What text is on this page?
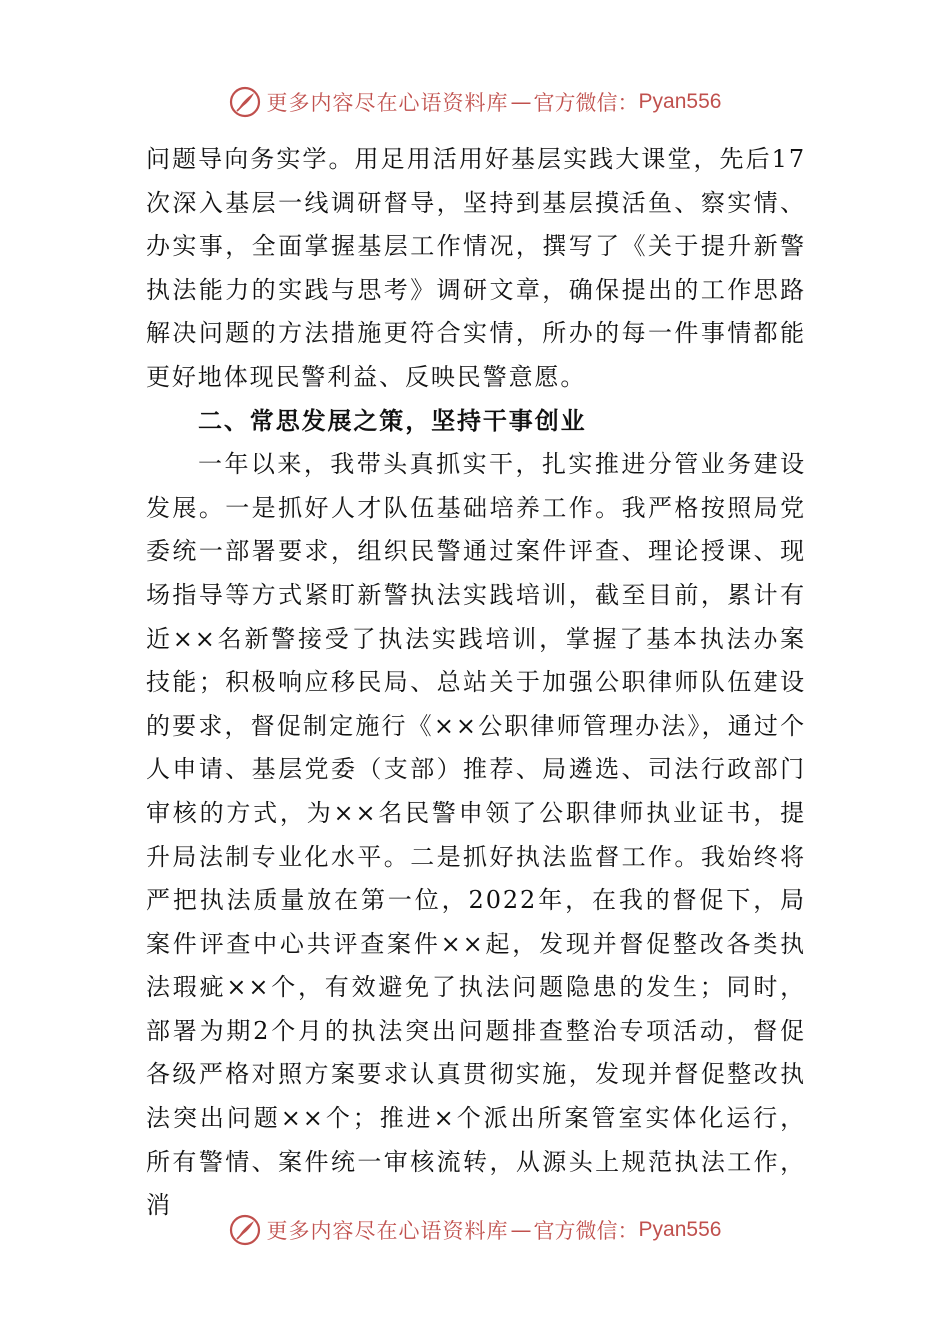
更多内容尽在心语资料库 — 官方微信： Pyan556

问题导向务实学。用足用活用好基层实践大课堂，先后17次深入基层一线调研督导，坚持到基层摸活鱼、察实情、办实事，全面掌握基层工作情况，撰写了《关于提升新警执法能力的实践与思考》调研文章，确保提出的工作思路解决问题的方法措施更符合实情，所办的每一件事情都能更好地体现民警利益、反映民警意愿。

二、常思发展之策，坚持干事创业

一年以来，我带头真抓实干，扎实推进分管业务建设发展。一是抓好人才队伍基础培养工作。我严格按照局党委统一部署要求，组织民警通过案件评查、理论授课、现场指导等方式紧盯新警执法实践培训，截至目前，累计有近××名新警接受了执法实践培训，掌握了基本执法办案技能；积极响应移民局、总站关于加强公职律师队伍建设的要求，督促制定施行《××公职律师管理办法》，通过个人申请、基层党委（支部）推荐、局遴选、司法行政部门审核的方式，为××名民警申领了公职律师执业证书，提升局法制专业化水平。二是抓好执法监督工作。我始终将严把执法质量放在第一位，2022年，在我的督促下，局案件评查中心共评查案件××起，发现并督促整改各类执法瑕疵××个，有效避免了执法问题隐患的发生；同时，部署为期2个月的执法突出问题排查整治专项活动，督促各级严格对照方案要求认真贯彻实施，发现并督促整改执法突出问题××个；推进×个派出所案管室实体化运行，所有警情、案件统一审核流转，从源头上规范执法工作，消

更多内容尽在心语资料库 — 官方微信： Pyan556
